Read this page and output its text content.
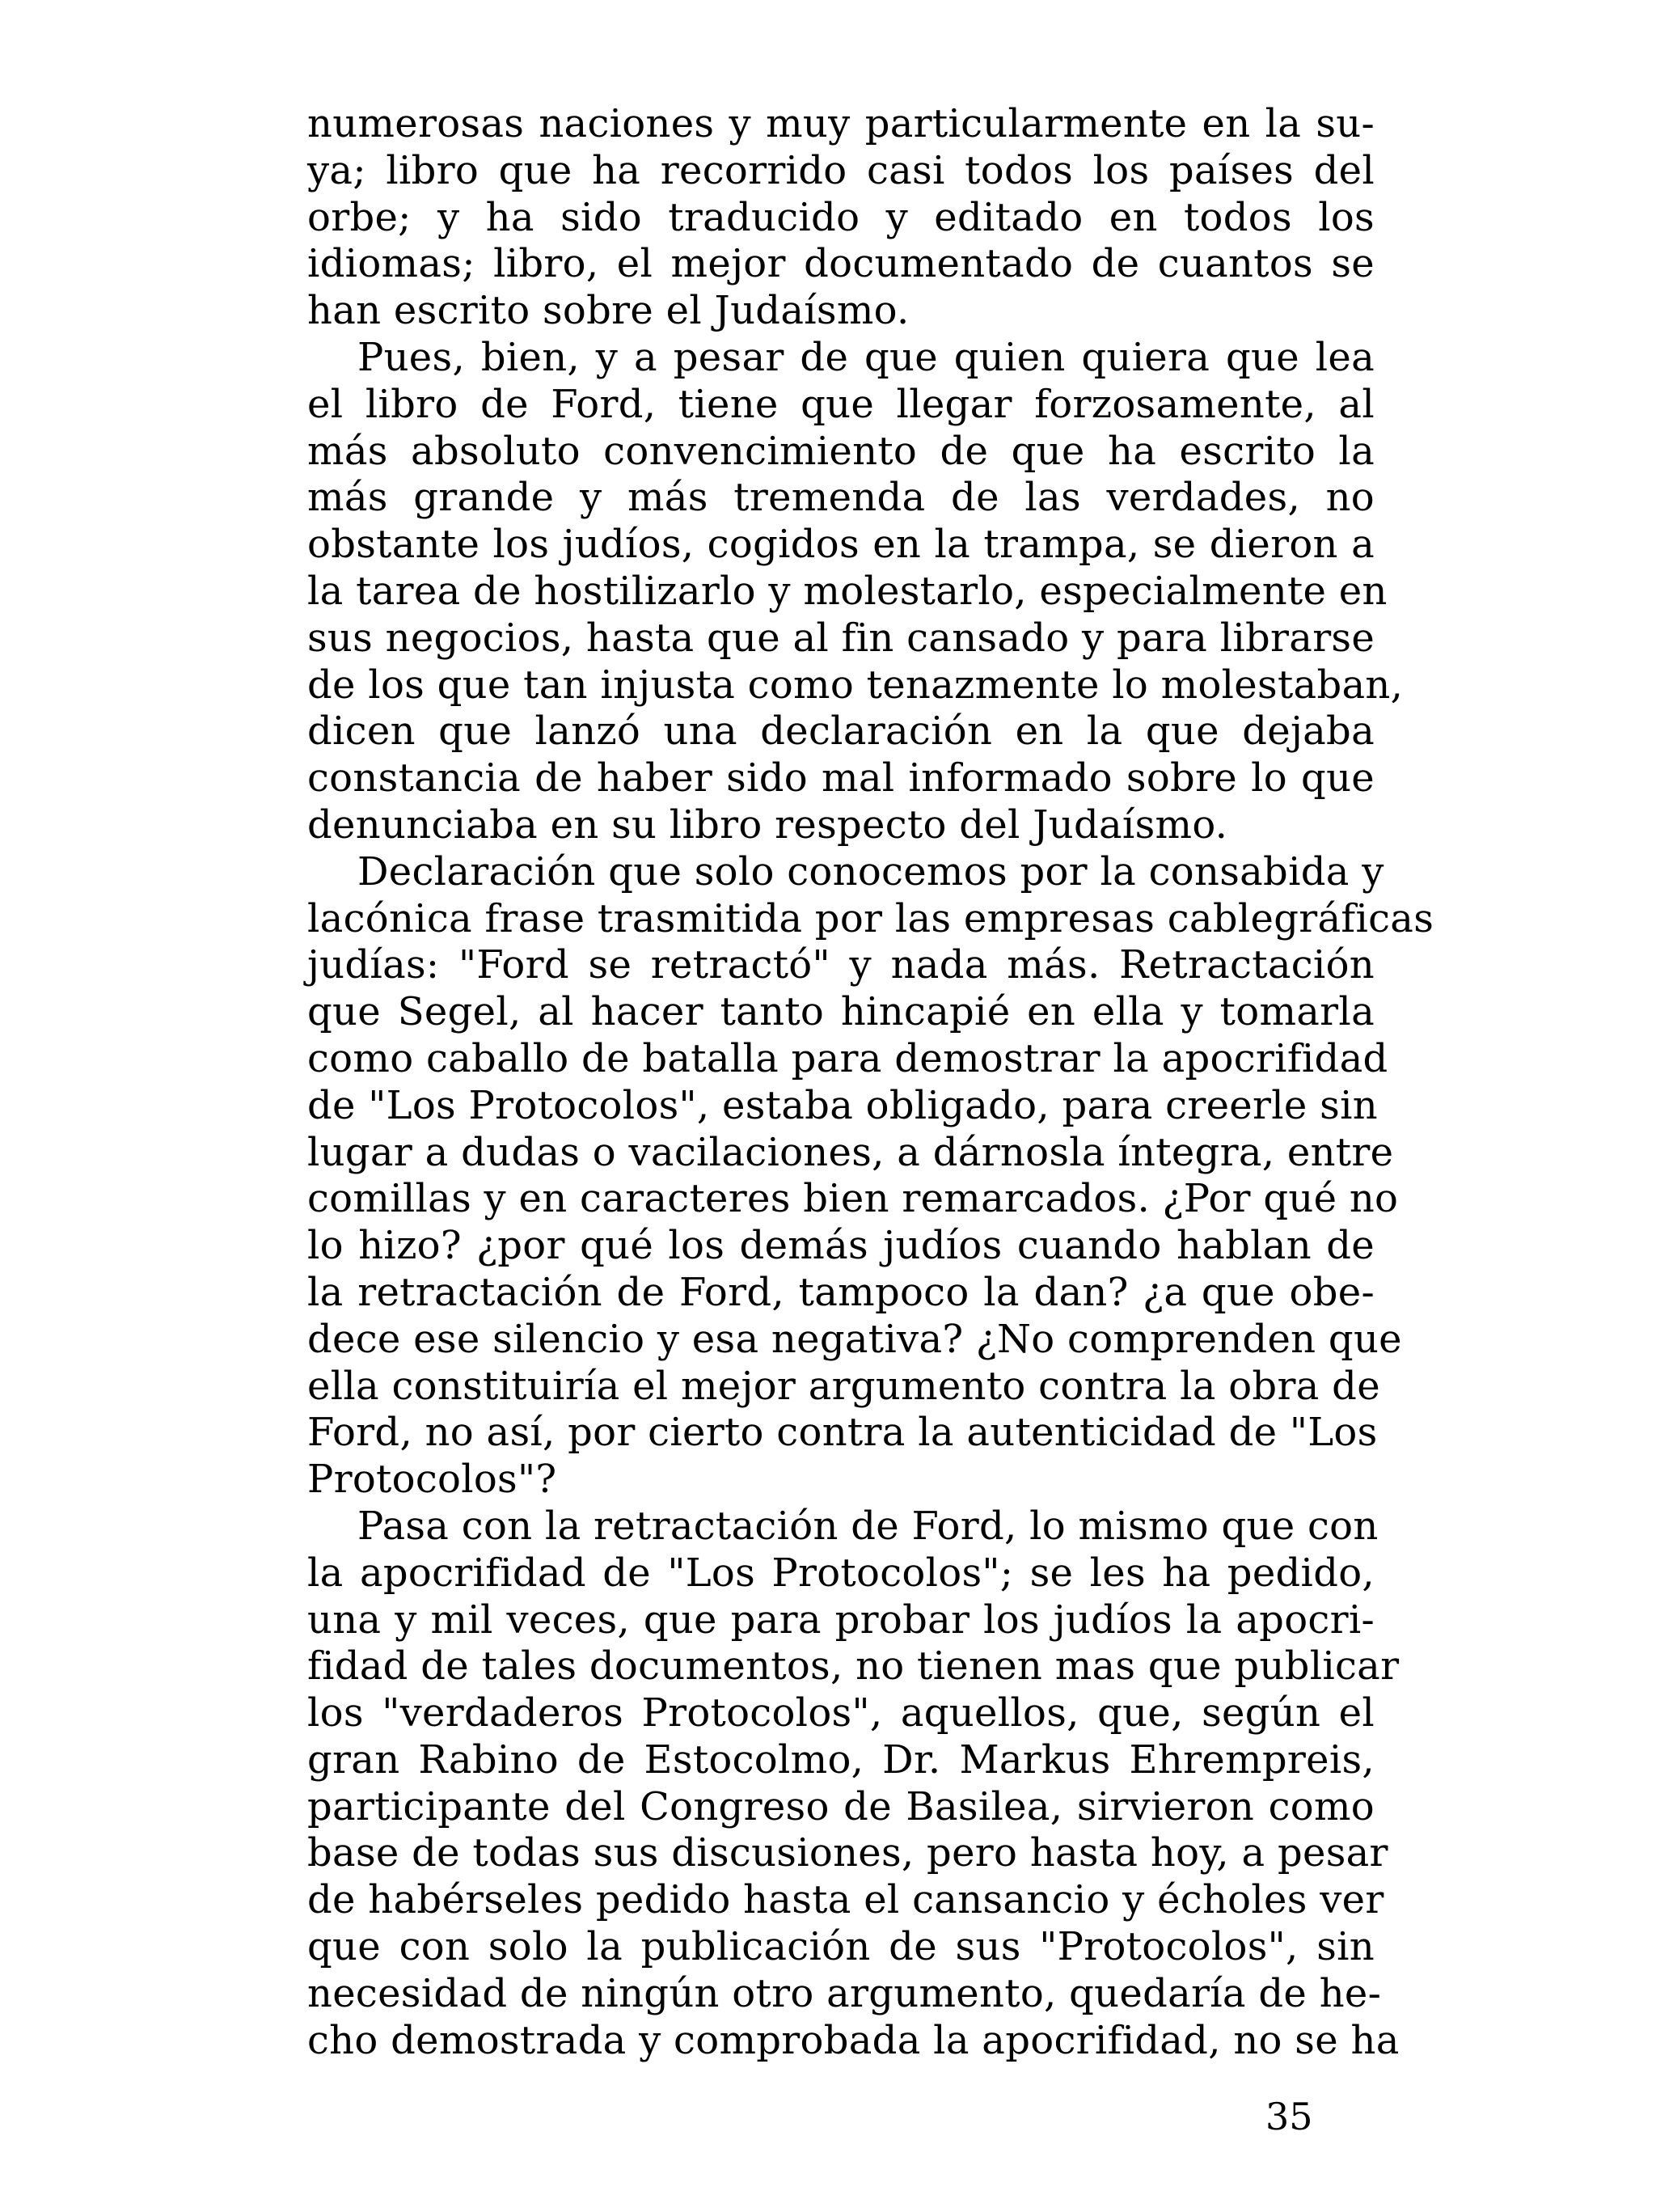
numerosas naciones y muy particularmente en la su-
ya; libro que ha recorrido casi todos los países del
orbe; y ha sido traducido y editado en todos los
idiomas; libro, el mejor documentado de cuantos se
han escrito sobre el Judaísmo.
Pues, bien, y a pesar de que quien quiera que lea
el libro de Ford, tiene que llegar forzosamente, al
más absoluto convencimiento de que ha escrito la
más grande y más tremenda de las verdades, no
obstante los judíos, cogidos en la trampa, se dieron a
la tarea de hostilizarlo y molestarlo, especialmente en
sus negocios, hasta que al fin cansado y para librarse
de los que tan injusta como tenazmente lo molestaban,
dicen que lanzó una declaración en la que dejaba
constancia de haber sido mal informado sobre lo que
denunciaba en su libro respecto del Judaísmo.
Declaración que solo conocemos por la consabida y
lacónica frase trasmitida por las empresas cablegráficas
judías: "Ford se retractó" y nada más. Retractación
que Segel, al hacer tanto hincapié en ella y tomarla
como caballo de batalla para demostrar la apocrifidad
de "Los Protocolos", estaba obligado, para creerle sin
lugar a dudas o vacilaciones, a dárnosla íntegra, entre
comillas y en caracteres bien remarcados. ¿Por qué no
lo hizo? ¿por qué los demás judíos cuando hablan de
la retractación de Ford, tampoco la dan? ¿a que obe-
dece ese silencio y esa negativa? ¿No comprenden que
ella constituiría el mejor argumento contra la obra de
Ford, no así, por cierto contra la autenticidad de "Los
Protocolos"?
Pasa con la retractación de Ford, lo mismo que con
la apocrifidad de "Los Protocolos"; se les ha pedido,
una y mil veces, que para probar los judíos la apocri-
fidad de tales documentos, no tienen mas que publicar
los "verdaderos Protocolos", aquellos, que, según el
gran Rabino de Estocolmo, Dr. Markus Ehrempreis,
participante del Congreso de Basilea, sirvieron como
base de todas sus discusiones, pero hasta hoy, a pesar
de habérseles pedido hasta el cansancio y écholes ver
que con solo la publicación de sus "Protocolos", sin
necesidad de ningún otro argumento, quedaría de he-
cho demostrada y comprobada la apocrifidad, no se ha
35
